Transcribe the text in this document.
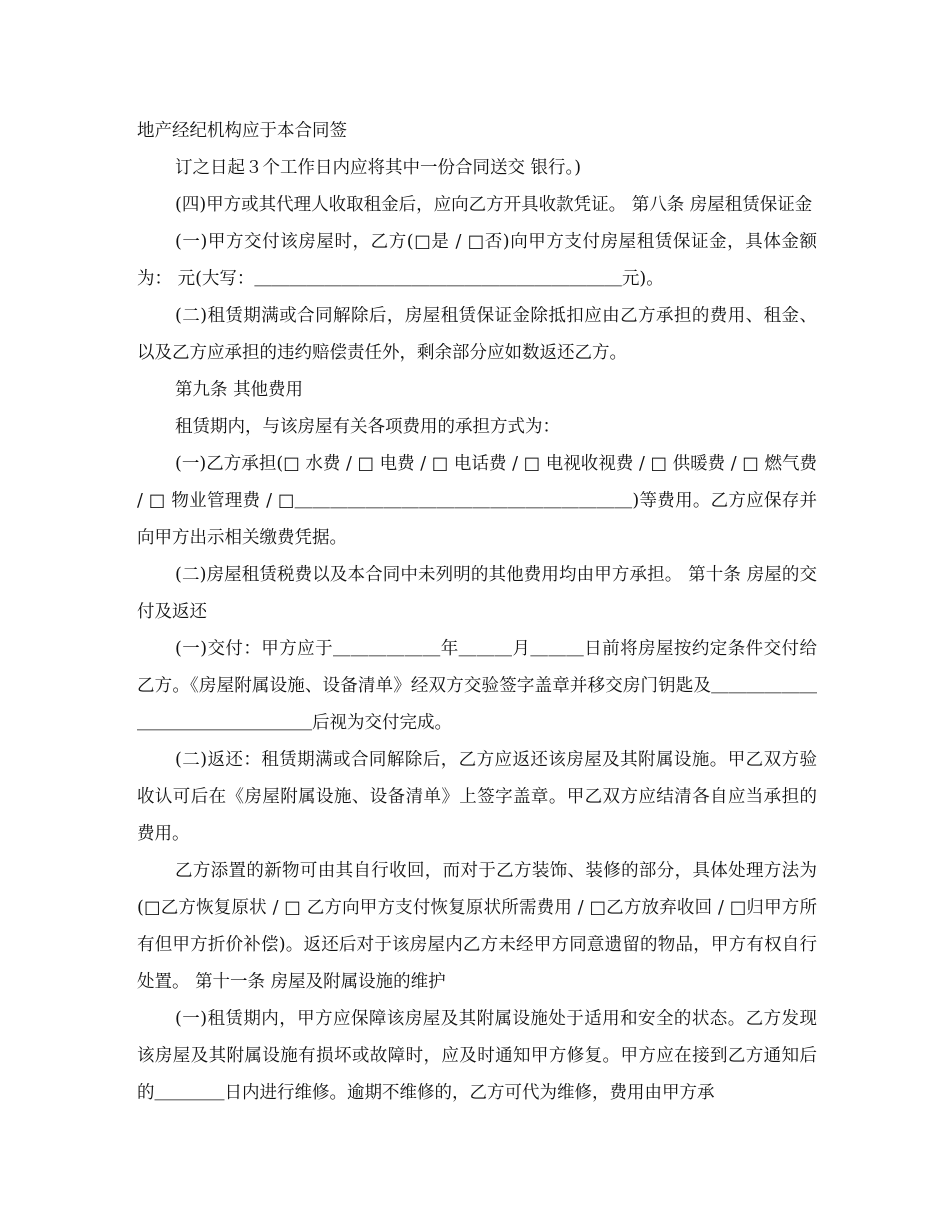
地产经纪机构应于本合同签

订之日起３个工作日内应将其中一份合同送交 银行。)

(四)甲方或其代理人收取租金后，应向乙方开具收款凭证。 第八条 房屋租赁保证金

(一)甲方交付该房屋时，乙方(□是 / □否)向甲方支付房屋租赁保证金，具体金额为： 元(大写：＿＿＿＿＿＿＿＿＿＿＿＿＿＿＿＿＿＿＿＿＿元)。

(二)租赁期满或合同解除后，房屋租赁保证金除抵扣应由乙方承担的费用、租金、以及乙方应承担的违约赔偿责任外，剩余部分应如数返还乙方。

第九条 其他费用

租赁期内，与该房屋有关各项费用的承担方式为：

(一)乙方承担(□ 水费 / □ 电费 / □ 电话费 / □ 电视收视费 / □ 供暖费 / □ 燃气费 / □ 物业管理费 / □＿＿＿＿＿＿＿＿＿＿＿＿＿＿＿＿＿＿＿)等费用。乙方应保存并向甲方出示相关缴费凭据。

(二)房屋租赁税费以及本合同中未列明的其他费用均由甲方承担。 第十条 房屋的交付及返还

(一)交付：甲方应于＿＿＿＿＿＿年＿＿＿月＿＿＿日前将房屋按约定条件交付给乙方。《房屋附属设施、设备清单》经双方交验签字盖章并移交房门钥匙及＿＿＿＿＿＿＿＿＿＿＿＿＿＿＿＿后视为交付完成。

(二)返还：租赁期满或合同解除后，乙方应返还该房屋及其附属设施。甲乙双方验收认可后在《房屋附属设施、设备清单》上签字盖章。甲乙双方应结清各自应当承担的费用。

乙方添置的新物可由其自行收回，而对于乙方装饰、装修的部分，具体处理方法为(□乙方恢复原状 / □ 乙方向甲方支付恢复原状所需费用 / □乙方放弃收回 / □归甲方所有但甲方折价补偿)。返还后对于该房屋内乙方未经甲方同意遗留的物品，甲方有权自行处置。 第十一条 房屋及附属设施的维护

(一)租赁期内，甲方应保障该房屋及其附属设施处于适用和安全的状态。乙方发现该房屋及其附属设施有损坏或故障时，应及时通知甲方修复。甲方应在接到乙方通知后的＿＿＿＿日内进行维修。逾期不维修的，乙方可代为维修，费用由甲方承
